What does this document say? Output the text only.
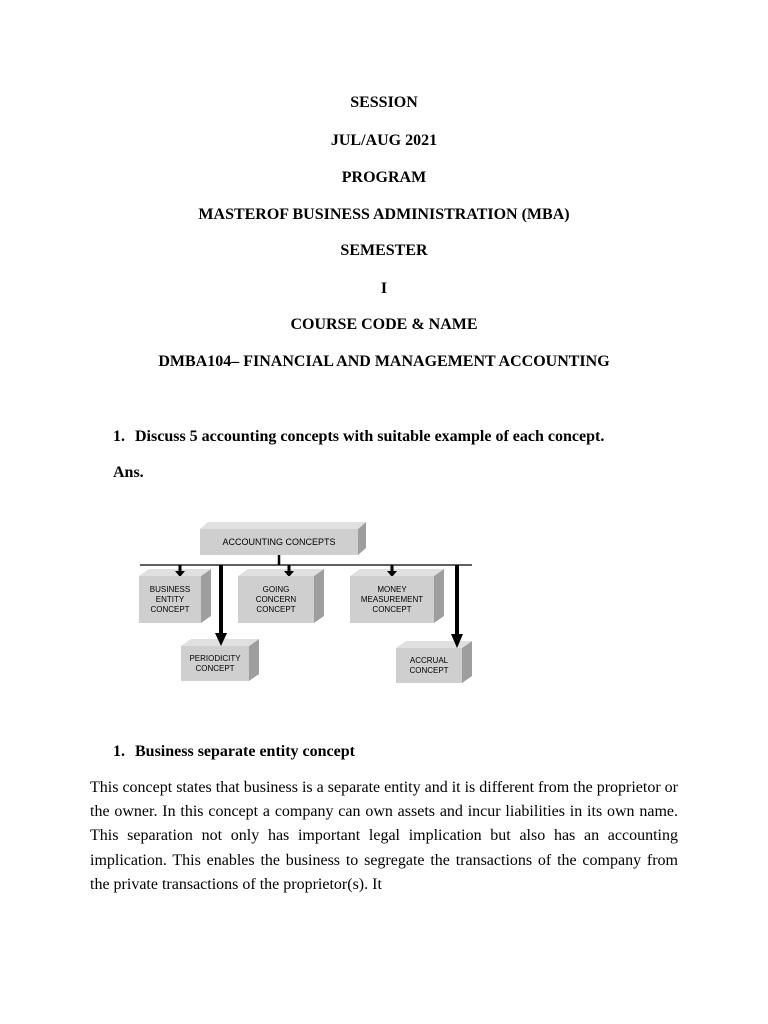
SESSION
JUL/AUG 2021
PROGRAM
MASTEROF BUSINESS ADMINISTRATION (MBA)
SEMESTER
I
COURSE CODE & NAME
DMBA104– FINANCIAL AND MANAGEMENT ACCOUNTING
1. Discuss 5 accounting concepts with suitable example of each concept.
Ans.
ACCOUNTING CONCEPTS
BUSINESS
ENTITY
CONCEPT
GOING
CONCERN
CONCEPT
MONEY
MEASUREMENT
CONCEPT
PERIODICITY
CONCEPT
ACCRUAL
CONCEPT
1. Business separate entity concept
This concept states that business is a separate entity and it is different from the proprietor or the owner. In this concept a company can own assets and incur liabilities in its own name. This separation not only has important legal implication but also has an accounting implication. This enables the business to segregate the transactions of the company from the private transactions of the proprietor(s). It
